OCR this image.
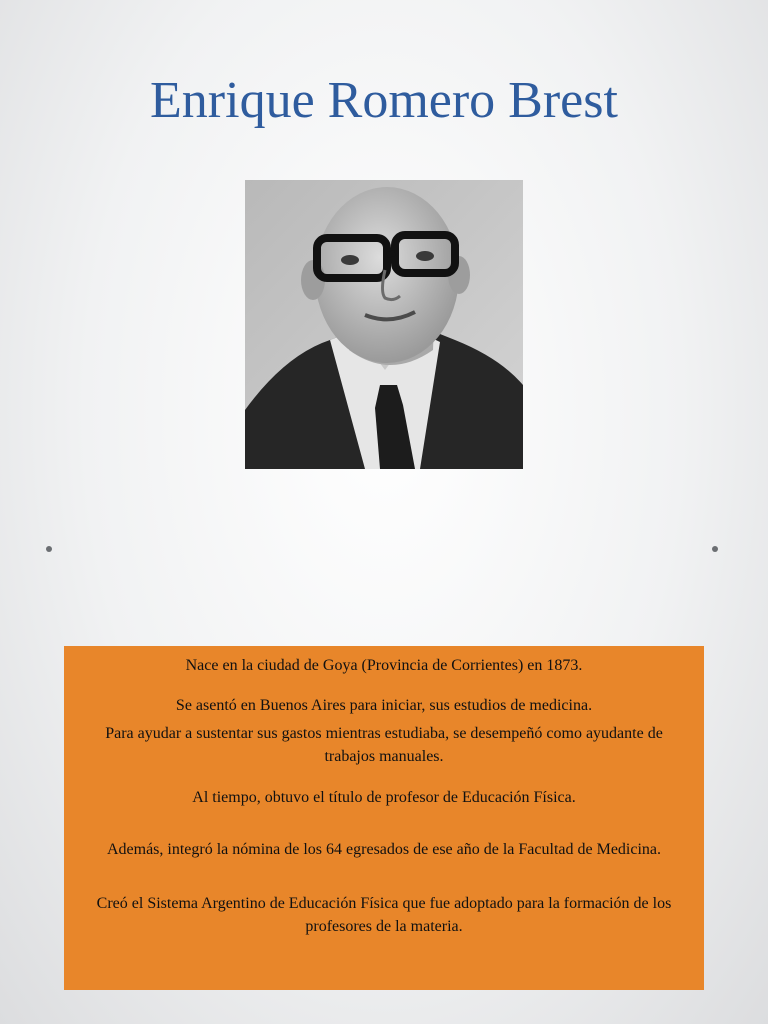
Enrique Romero Brest

Nace en la ciudad de Goya (Provincia de Corrientes) en 1873.

Se asentó en Buenos Aires para iniciar, sus estudios de medicina.

Para ayudar a sustentar sus gastos mientras estudiaba, se desempeñó como ayudante de trabajos manuales.

Al tiempo, obtuvo el título de profesor de Educación Física.

Además, integró la nómina de los 64 egresados de ese año de la Facultad de Medicina.

Creó el Sistema Argentino de Educación Física que fue adoptado para la formación de los profesores de la materia.
